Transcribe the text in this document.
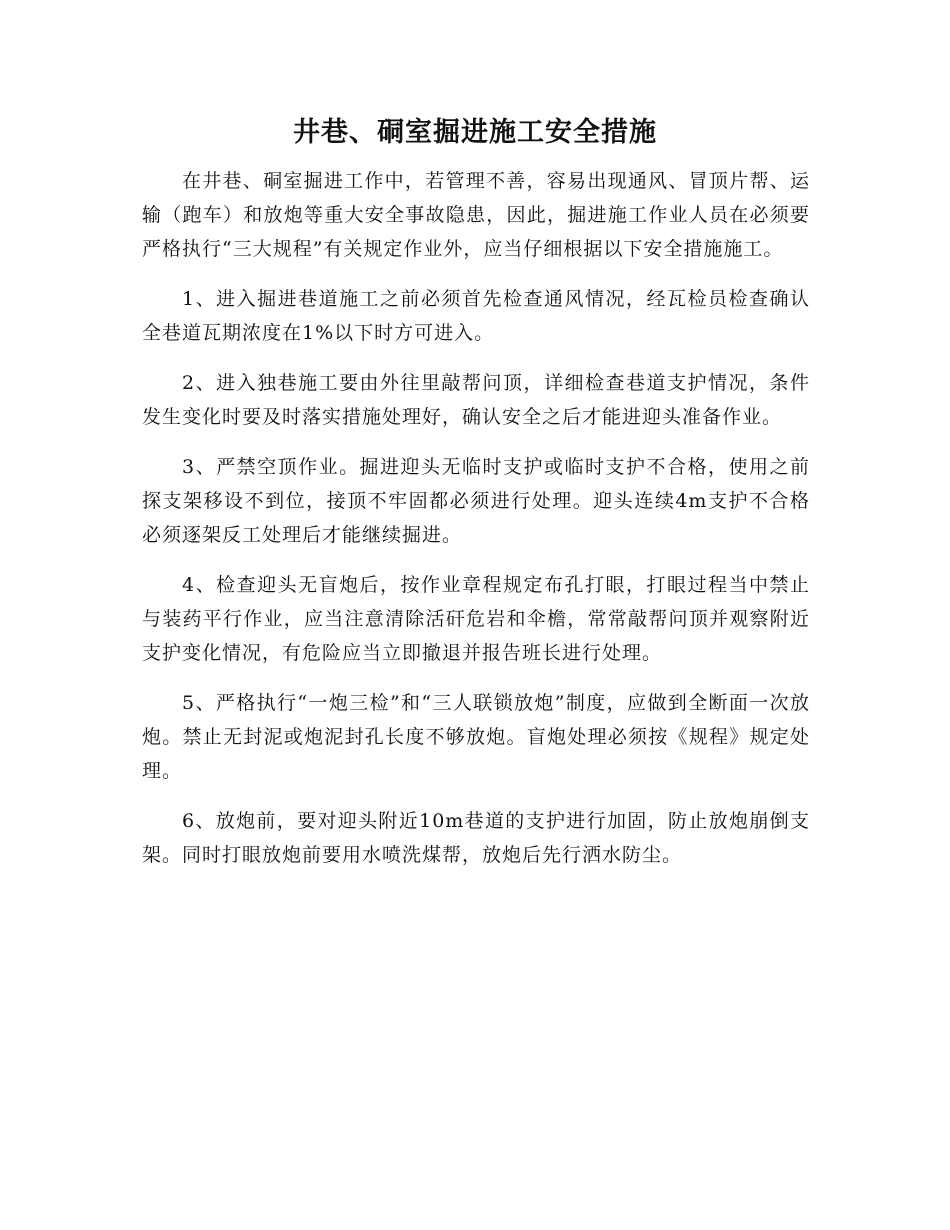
井巷、硐室掘进施工安全措施

在井巷、硐室掘进工作中，若管理不善，容易出现通风、冒顶片帮、运输（跑车）和放炮等重大安全事故隐患，因此，掘进施工作业人员在必须要严格执行“三大规程”有关规定作业外，应当仔细根据以下安全措施施工。

1、进入掘进巷道施工之前必须首先检查通风情况，经瓦检员检查确认全巷道瓦期浓度在1%以下时方可进入。

2、进入独巷施工要由外往里敲帮问顶，详细检查巷道支护情况，条件发生变化时要及时落实措施处理好，确认安全之后才能进迎头准备作业。

3、严禁空顶作业。掘进迎头无临时支护或临时支护不合格，使用之前探支架移设不到位，接顶不牢固都必须进行处理。迎头连续4m支护不合格必须逐架反工处理后才能继续掘进。

4、检查迎头无盲炮后，按作业章程规定布孔打眼，打眼过程当中禁止与装药平行作业，应当注意清除活矸危岩和伞檐，常常敲帮问顶并观察附近支护变化情况，有危险应当立即撤退并报告班长进行处理。

5、严格执行“一炮三检”和“三人联锁放炮”制度，应做到全断面一次放炮。禁止无封泥或炮泥封孔长度不够放炮。盲炮处理必须按《规程》规定处理。

6、放炮前，要对迎头附近10m巷道的支护进行加固，防止放炮崩倒支架。同时打眼放炮前要用水喷洗煤帮，放炮后先行洒水防尘。
